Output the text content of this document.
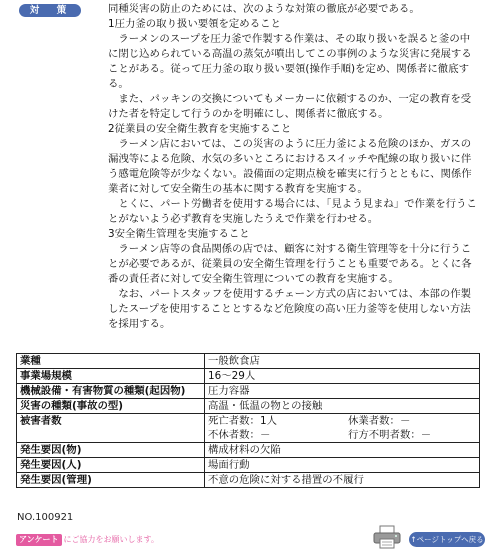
対　策	同種災害の防止のためには、次のような対策の徹底が必要である。

1圧力釜の取り扱い要領を定めること

ラーメンのスープを圧力釜で作製する作業は、その取り扱いを誤ると釜の中に閉じ込められている高温の蒸気が噴出してこの事例のような災害に発展することがある。従って圧力釜の取り扱い要領(操作手順)を定め、関係者に徹底する。

また、パッキンの交換についてもメーカーに依頼するのか、一定の教育を受けた者を特定して行うのかを明確にし、関係者に徹底する。

2従業員の安全衛生教育を実施すること

ラーメン店においては、この災害のように圧力釜による危険のほか、ガスの漏洩等による危険、水気の多いところにおけるスイッチや配線の取り扱いに伴う感電危険等が少なくない。設備面の定期点検を確実に行うとともに、関係作業者に対して安全衛生の基本に関する教育を実施する。

とくに、パート労働者を使用する場合には、「見よう見まね」で作業を行うことがないよう必ず教育を実施したうえで作業を行わせる。

3安全衛生管理を実施すること

ラーメン店等の食品関係の店では、顧客に対する衛生管理等を十分に行うことが必要であるが、従業員の安全衛生管理を行うことも重要である。とくに各番の責任者に対して安全衛生管理についての教育を実施する。

なお、パートスタッフを使用するチェーン方式の店においては、本部の作製したスープを使用することとするなど危険度の高い圧力釜等を使用しない方法を採用する。

業種	一般飲食店
事業場規模	16～29人
機械設備・有害物質の種類(起因物)	圧力容器
災害の種類(事故の型)	高温・低温の物との接触
被害者数	死亡者数：1人 休業者数：－
不休者数：－ 行方不明者数：－

発生要因(物)	構成材料の欠陥
発生要因(人)	場面行動
発生要因(管理)	不意の危険に対する措置の不履行
NO.100921
アンケート にご協力をお願いします。	↑ページトップへ戻る
